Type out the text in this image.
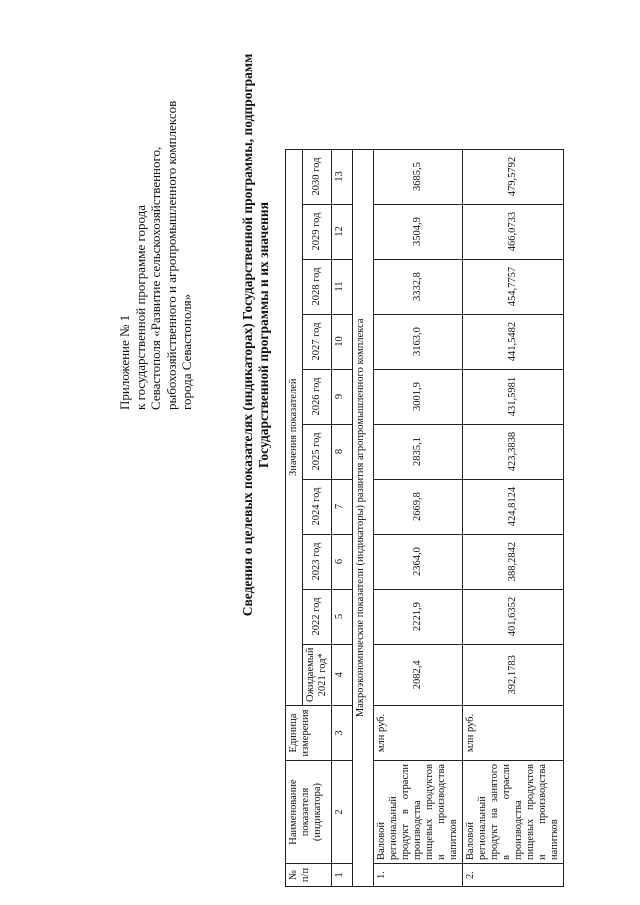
Приложение № 1 к государственной программе города Севастополя «Развитие сельскохозяйственного, рыбохозяйственного и агропромышленного комплексов города Севастополя»	Сведения о целевых показателях (индикаторах) Государственной программы, подпрограмм Государственной программы и их значения
№ п/п	Наименование показателя (индикатора)	Единица измерения	Значения показателей									
			Ожидаемый 2021 год*	2022 год	2023 год	2024 год	2025 год	2026 год	2027 год	2028 год	2029 год	2030 год
1	2	3	4	5	6	7	8	9	10	11	12	13
Макроэкономические показатели (индикаторы) развития агропромышленного комплекса												
1.	Валовой региональный продукт в отрасли производства пищевых продуктов и производства напитков	млн руб.	2082,4	2221,9	2364,0	2669,8	2835,1	3001,9	3163,0	3332,8	3504,9	3685,5
2.	Валовой региональный продукт на занятого в отрасли производства пищевых продуктов и производства напитков	млн руб.	392,1783	401,6352	388,2842	424,8124	423,3838	431,5981	441,5482	454,7757	466,0733	479,5792
